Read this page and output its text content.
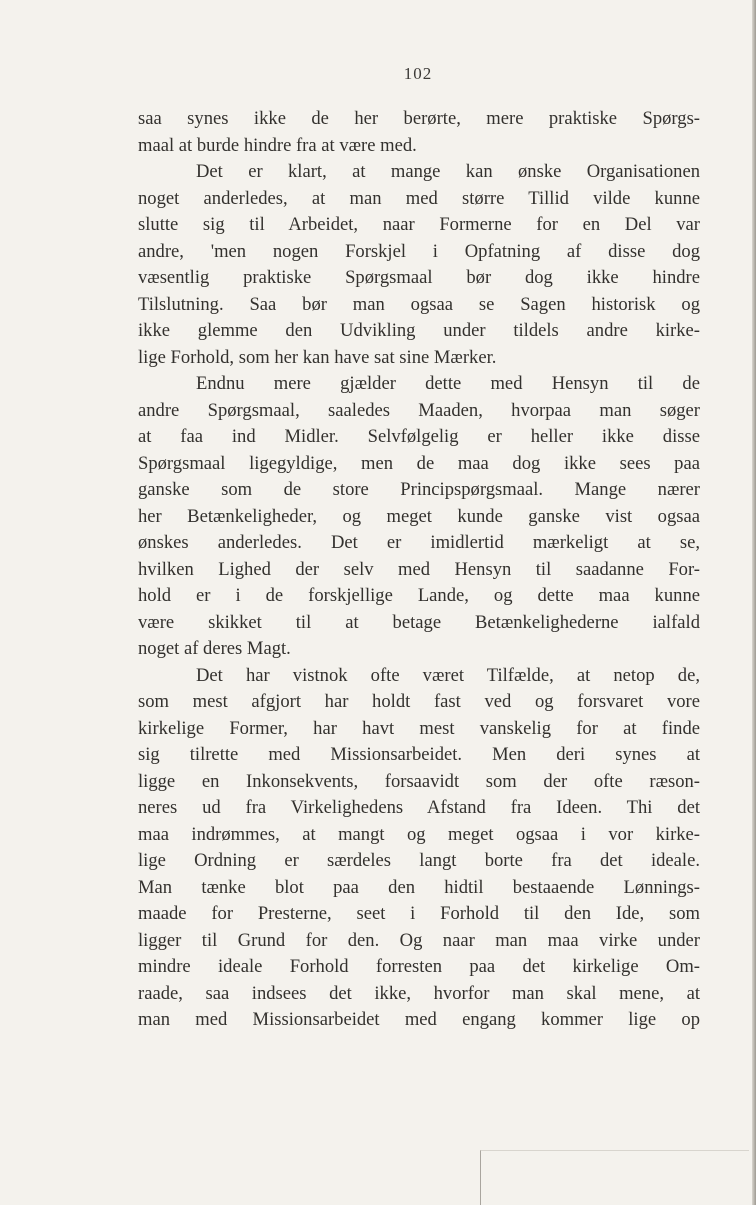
102
saa synes ikke de her berørte, mere praktiske Spørgs-
maal at burde hindre fra at være med.
Det er klart, at mange kan ønske Organisationen
noget anderledes, at man med større Tillid vilde kunne
slutte sig til Arbeidet, naar Formerne for en Del var
andre, 'men nogen Forskjel i Opfatning af disse dog
væsentlig praktiske Spørgsmaal bør dog ikke hindre
Tilslutning. Saa bør man ogsaa se Sagen historisk og
ikke glemme den Udvikling under tildels andre kirke-
lige Forhold, som her kan have sat sine Mærker.
Endnu mere gjælder dette med Hensyn til de
andre Spørgsmaal, saaledes Maaden, hvorpaa man søger
at faa ind Midler. Selvfølgelig er heller ikke disse
Spørgsmaal ligegyldige, men de maa dog ikke sees paa
ganske som de store Principspørgsmaal. Mange nærer
her Betænkeligheder, og meget kunde ganske vist ogsaa
ønskes anderledes. Det er imidlertid mærkeligt at se,
hvilken Lighed der selv med Hensyn til saadanne For-
hold er i de forskjellige Lande, og dette maa kunne
være skikket til at betage Betænkelighederne ialfald
noget af deres Magt.
Det har vistnok ofte været Tilfælde, at netop de,
som mest afgjort har holdt fast ved og forsvaret vore
kirkelige Former, har havt mest vanskelig for at finde
sig tilrette med Missionsarbeidet. Men deri synes at
ligge en Inkonsekvents, forsaavidt som der ofte ræson-
neres ud fra Virkelighedens Afstand fra Ideen. Thi det
maa indrømmes, at mangt og meget ogsaa i vor kirke-
lige Ordning er særdeles langt borte fra det ideale.
Man tænke blot paa den hidtil bestaaende Lønnings-
maade for Presterne, seet i Forhold til den Ide, som
ligger til Grund for den. Og naar man maa virke under
mindre ideale Forhold forresten paa det kirkelige Om-
raade, saa indsees det ikke, hvorfor man skal mene, at
man med Missionsarbeidet med engang kommer lige op
